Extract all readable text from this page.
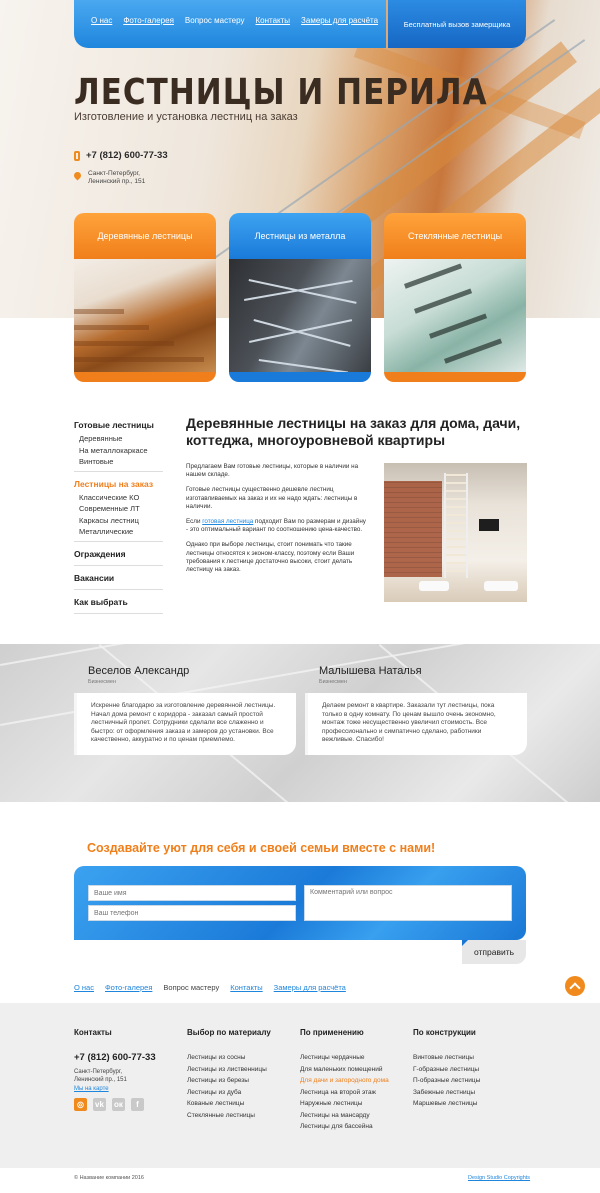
О нас Фото-галерея Вопрос мастеру Контакты Замеры для расчёта	Бесплатный вызов замерщика
ЛЕСТНИЦЫ И ПЕРИЛА
Изготовление и установка лестниц на заказ
+7 (812) 600-77-33
Санкт-Петербург,
Ленинский пр., 151
Деревянные лестницы	Лестницы из металла	Стеклянные лестницы
Готовые лестницы
Деревянные
На металлокаркасе
Винтовые
Лестницы на заказ
Классические КО
Современные ЛТ
Каркасы лестниц
Металлические
Ограждения
Вакансии
Как выбрать
Деревянные лестницы на заказ для дома, дачи, коттеджа, многоуровневой квартиры

Предлагаем Вам готовые лестницы, которые в наличии на нашем складе.

Готовые лестницы существенно дешевле лестниц изготавливаемых на заказ и их не надо ждать: лестницы в наличии.

Если готовая лестница подходит Вам по размерам и дизайну - это оптимальный вариант по соотношению цена-качество.

Однако при выборе лестницы, стоит понимать что такие лестницы относятся к эконом-классу, поэтому если Ваши требования к лестнице достаточно высоки, стоит делать лестницу на заказ.

Веселов Александр
Бизнесмен
Искренне благодарю за изготовление деревянной лестницы. Начал дома ремонт с коридора - заказал самый простой лестничный пролет. Сотрудники сделали все слаженно и быстро: от оформления заказа и замеров до установки. Все качественно, аккуратно и по ценам приемлемо.
Малышева Наталья
Бизнесмен
Делаем ремонт в квартире. Заказали тут лестницы, пока только в одну комнату. По ценам вышло очень экономно, монтаж тоже несущественно увеличил стоимость. Все профессионально и симпатично сделано, работники вежливые. Спасибо!
Создавайте уют для себя и своей семьи вместе с нами!
Ваше имя
Ваш телефон
Комментарий или вопрос
отправить
О нас Фото-галерея Вопрос мастеру Контакты Замеры для расчёта
Контакты
+7 (812) 600-77-33
Санкт-Петербург,
Ленинский пр., 151
Мы на карте
◎	vk ок	f
Выбор по материалу
Лестницы из сосны
Лестницы из лиственницы
Лестницы из березы
Лестницы из дуба
Кованые лестницы
Стеклянные лестницы
По применению
Лестницы чердачные
Для маленьких помещений
Для дачи и загородного дома
Лестница на второй этаж
Наружные лестницы
Лестницы на мансарду
Лестницы для бассейна
По конструкции
Винтовые лестницы
Г-образные лестницы
П-образные лестницы
Забежные лестницы
Маршевые лестницы
© Название компании 2016	Design Studio Copyrights
